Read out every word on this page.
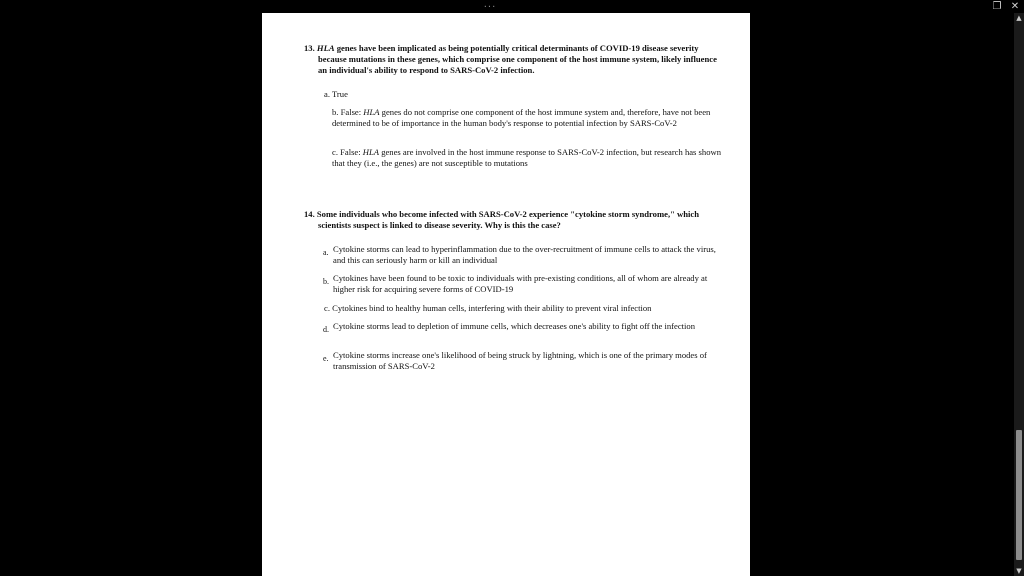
...	❐ ✕

13. HLA genes have been implicated as being potentially critical determinants of COVID-19 disease severity because mutations in these genes, which comprise one component of the host immune system, likely influence an individual's ability to respond to SARS-CoV-2 infection.

a. True
b. False: HLA genes do not comprise one component of the host immune system and, therefore, have not been determined to be of importance in the human body's response to potential infection by SARS-CoV-2
c. False: HLA genes are involved in the host immune response to SARS-CoV-2 infection, but research has shown that they (i.e., the genes) are not susceptible to mutations

14. Some individuals who become infected with SARS-CoV-2 experience "cytokine storm syndrome," which scientists suspect is linked to disease severity. Why is this the case?

a. Cytokine storms can lead to hyperinflammation due to the over-recruitment of immune cells to attack the virus, and this can seriously harm or kill an individual
b. Cytokines have been found to be toxic to individuals with pre-existing conditions, all of whom are already at higher risk for acquiring severe forms of COVID-19
c. Cytokines bind to healthy human cells, interfering with their ability to prevent viral infection
d. Cytokine storms lead to depletion of immune cells, which decreases one's ability to fight off the infection
e. Cytokine storms increase one's likelihood of being struck by lightning, which is one of the primary modes of transmission of SARS-CoV-2
▲
▼
